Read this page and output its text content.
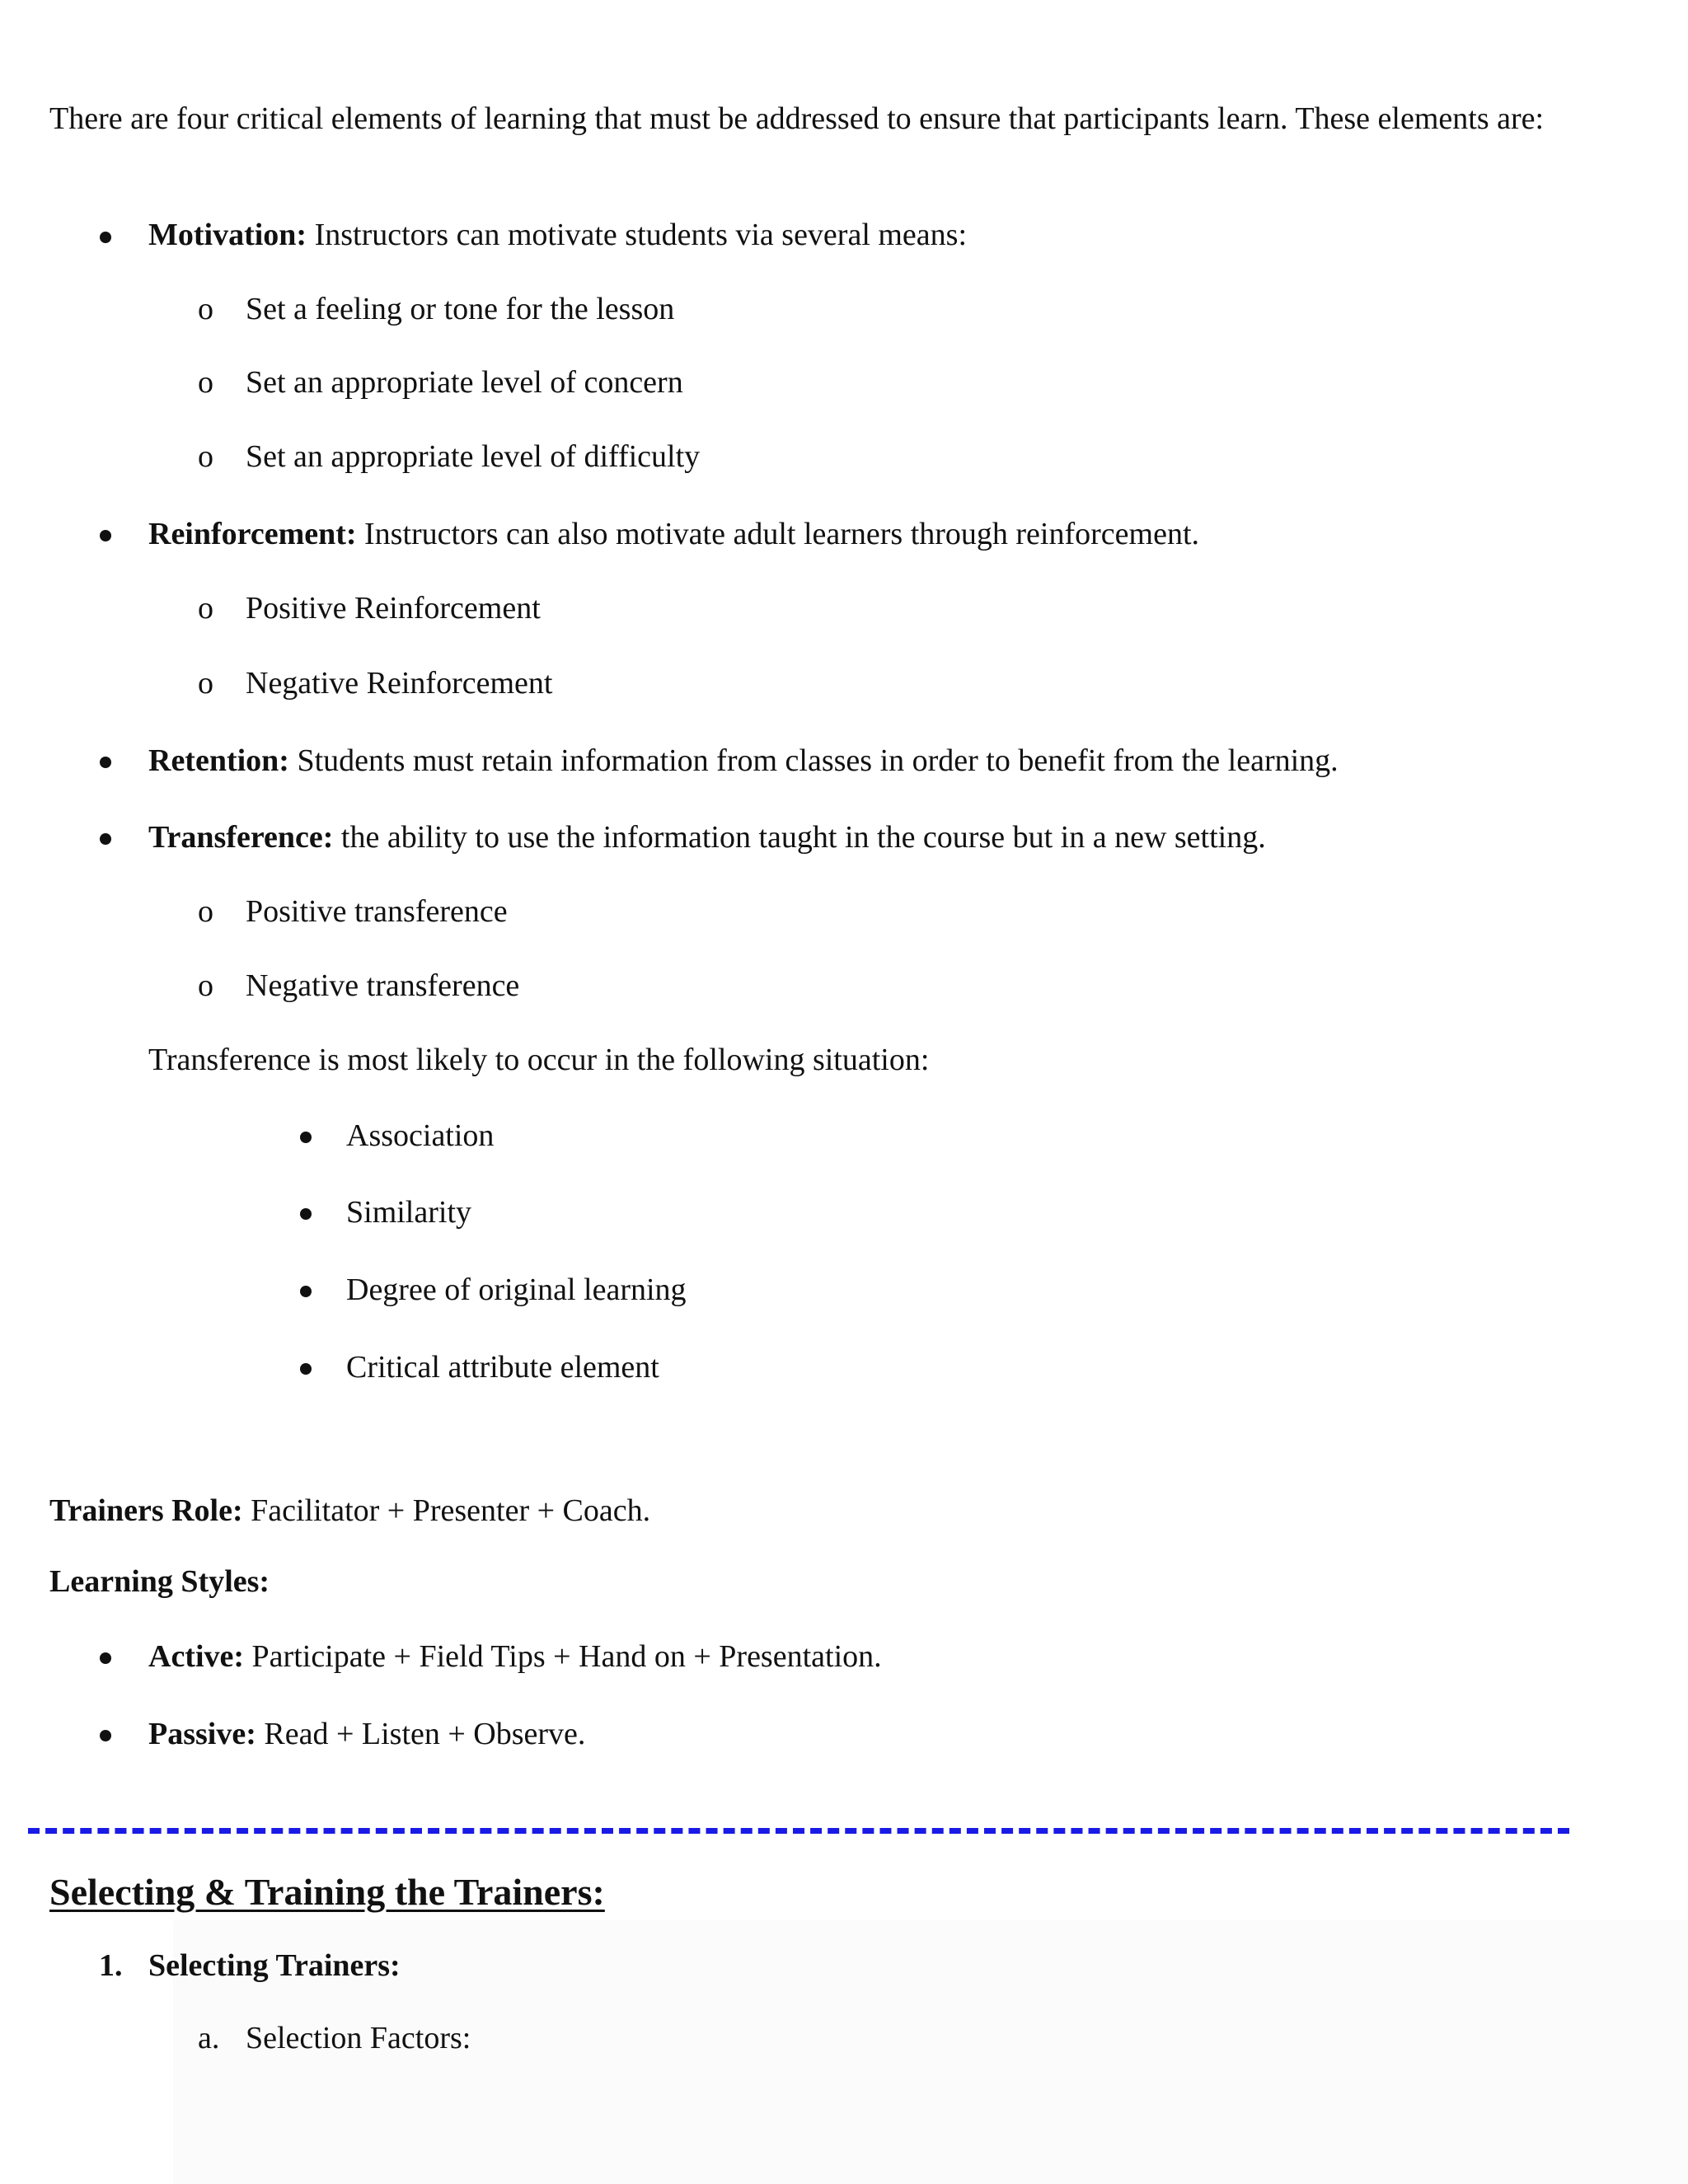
There are four critical elements of learning that must be addressed to ensure that participants learn. These elements are:
Motivation: Instructors can motivate students via several means:
o Set a feeling or tone for the lesson
o Set an appropriate level of concern
o Set an appropriate level of difficulty
Reinforcement: Instructors can also motivate adult learners through reinforcement.
o Positive Reinforcement
o Negative Reinforcement
Retention: Students must retain information from classes in order to benefit from the learning.
Transference: the ability to use the information taught in the course but in a new setting.
o Positive transference
o Negative transference
Transference is most likely to occur in the following situation:
Association
Similarity
Degree of original learning
Critical attribute element
Trainers Role: Facilitator + Presenter + Coach.
Learning Styles:
Active: Participate + Field Tips + Hand on + Presentation.
Passive: Read + Listen + Observe.
Selecting & Training the Trainers:
1. Selecting Trainers:
a. Selection Factors:
